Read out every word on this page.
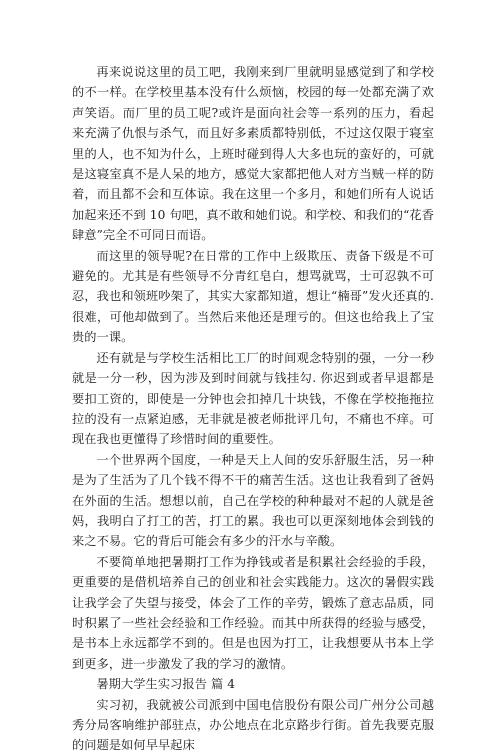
再来说说这里的员工吧，我刚来到厂里就明显感觉到了和学校的不一样。在学校里基本没有什么烦恼，校园的每一处都充满了欢声笑语。而厂里的员工呢?或许是面向社会等一系列的压力，看起来充满了仇恨与杀气，而且好多素质都特别低，不过这仅限于寝室里的人，也不知为什么，上班时碰到得人大多也玩的蛮好的，可就是这寝室真不是人呆的地方，感觉大家都把他人对方当贼一样的防着，而且都不会和互体谅。我在这里一个多月，和她们所有人说话加起来还不到 10 句吧，真不敢和她们说。和学校、和我们的“花香肆意”完全不可同日而语。

而这里的领导呢?在日常的工作中上级欺压、责备下级是不可避免的。尤其是有些领导不分青红皂白，想骂就骂，士可忍孰不可忍，我也和领班吵架了，其实大家都知道，想让“楠哥”发火还真的.很难，可他却做到了。当然后来他还是理亏的。但这也给我上了宝贵的一课。

还有就是与学校生活相比工厂的时间观念特别的强，一分一秒就是一分一秒，因为涉及到时间就与钱挂勾. 你迟到或者早退都是要扣工资的，即使是一分钟也会扣掉几十块钱，不像在学校拖拖拉拉的没有一点紧迫感，无非就是被老师批评几句，不痛也不痒。可现在我也更懂得了珍惜时间的重要性。

一个世界两个国度，一种是天上人间的安乐舒服生活，另一种是为了生活为了几个钱不得不干的痛苦生活。这也让我看到了爸妈在外面的生活。想想以前，自己在学校的种种最对不起的人就是爸妈，我明白了打工的苦，打工的累。我也可以更深刻地体会到钱的来之不易。它的背后可能会有多少的汗水与辛酸。

不要简单地把暑期打工作为挣钱或者是积累社会经验的手段，更重要的是借机培养自己的创业和社会实践能力。这次的暑假实践让我学会了失望与接受，体会了工作的辛劳，锻炼了意志品质，同时积累了一些社会经验和工作经验。而其中所获得的经验与感受，是书本上永远都学不到的。但是也因为打工，让我想要从书本上学到更多，进一步激发了我的学习的激情。

暑期大学生实习报告 篇 4

实习初，我就被公司派到中国电信股份有限公司广州分公司越秀分局客响维护部驻点，办公地点在北京路步行街。首先我要克服的问题是如何早早起床
